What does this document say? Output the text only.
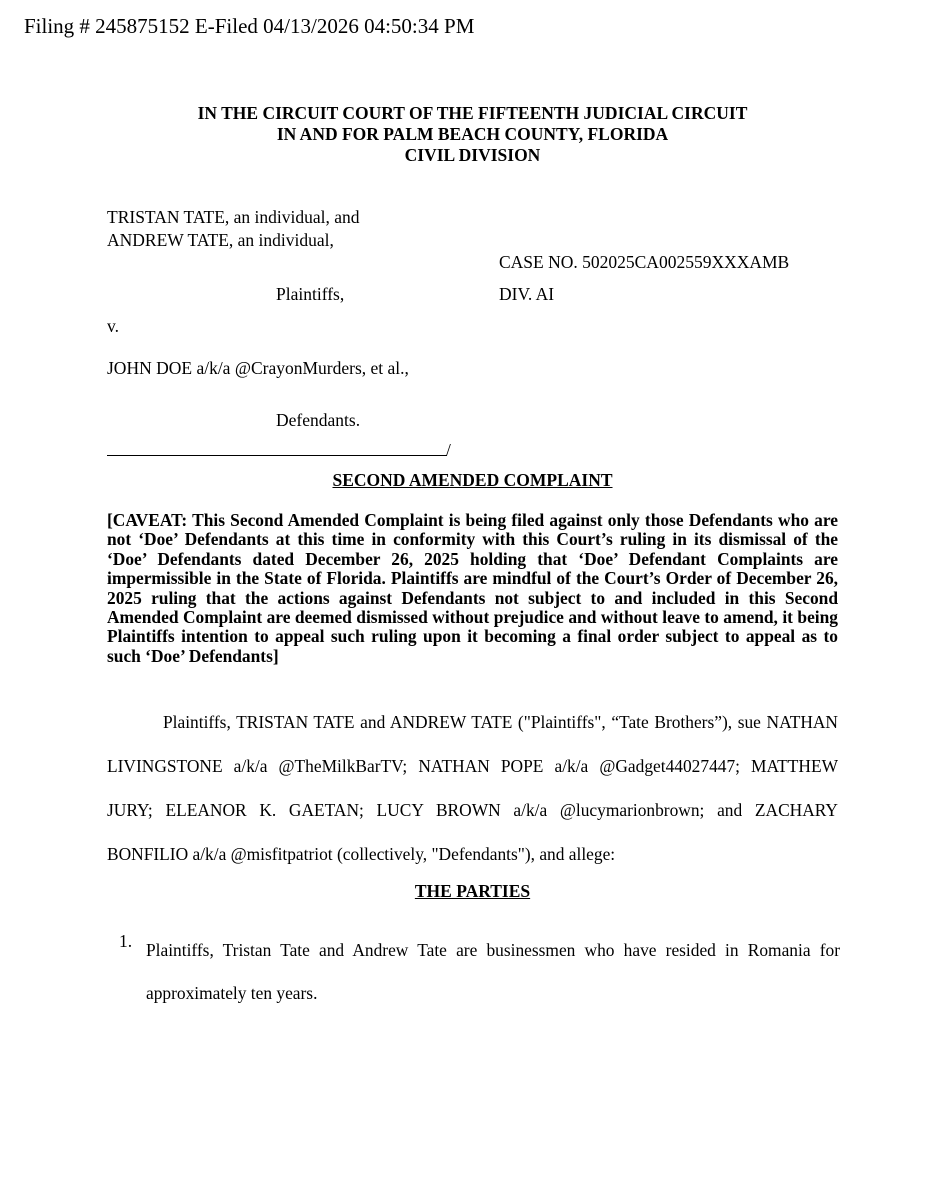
Filing # 245875152 E-Filed 04/13/2026 04:50:34 PM
IN THE CIRCUIT COURT OF THE FIFTEENTH JUDICIAL CIRCUIT
IN AND FOR PALM BEACH COUNTY, FLORIDA
CIVIL DIVISION
TRISTAN TATE, an individual, and
ANDREW TATE, an individual,
CASE NO. 502025CA002559XXXAMB
Plaintiffs,	DIV. AI
v.
JOHN DOE a/k/a @CrayonMurders, et al.,
Defendants.
/
SECOND AMENDED COMPLAINT
[CAVEAT: This Second Amended Complaint is being filed against only those Defendants who are not ‘Doe’ Defendants at this time in conformity with this Court’s ruling in its dismissal of the ‘Doe’ Defendants dated December 26, 2025 holding that ‘Doe’ Defendant Complaints are impermissible in the State of Florida. Plaintiffs are mindful of the Court’s Order of December 26, 2025 ruling that the actions against Defendants not subject to and included in this Second Amended Complaint are deemed dismissed without prejudice and without leave to amend, it being Plaintiffs intention to appeal such ruling upon it becoming a final order subject to appeal as to such ‘Doe’ Defendants]
Plaintiffs, TRISTAN TATE and ANDREW TATE ("Plaintiffs", “Tate Brothers”), sue NATHAN LIVINGSTONE a/k/a @TheMilkBarTV; NATHAN POPE a/k/a @Gadget44027447; MATTHEW JURY; ELEANOR K. GAETAN; LUCY BROWN a/k/a @lucymarionbrown; and ZACHARY BONFILIO a/k/a @misfitpatriot (collectively, "Defendants"), and allege:
THE PARTIES
1. Plaintiffs, Tristan Tate and Andrew Tate are businessmen who have resided in Romania for approximately ten years.
